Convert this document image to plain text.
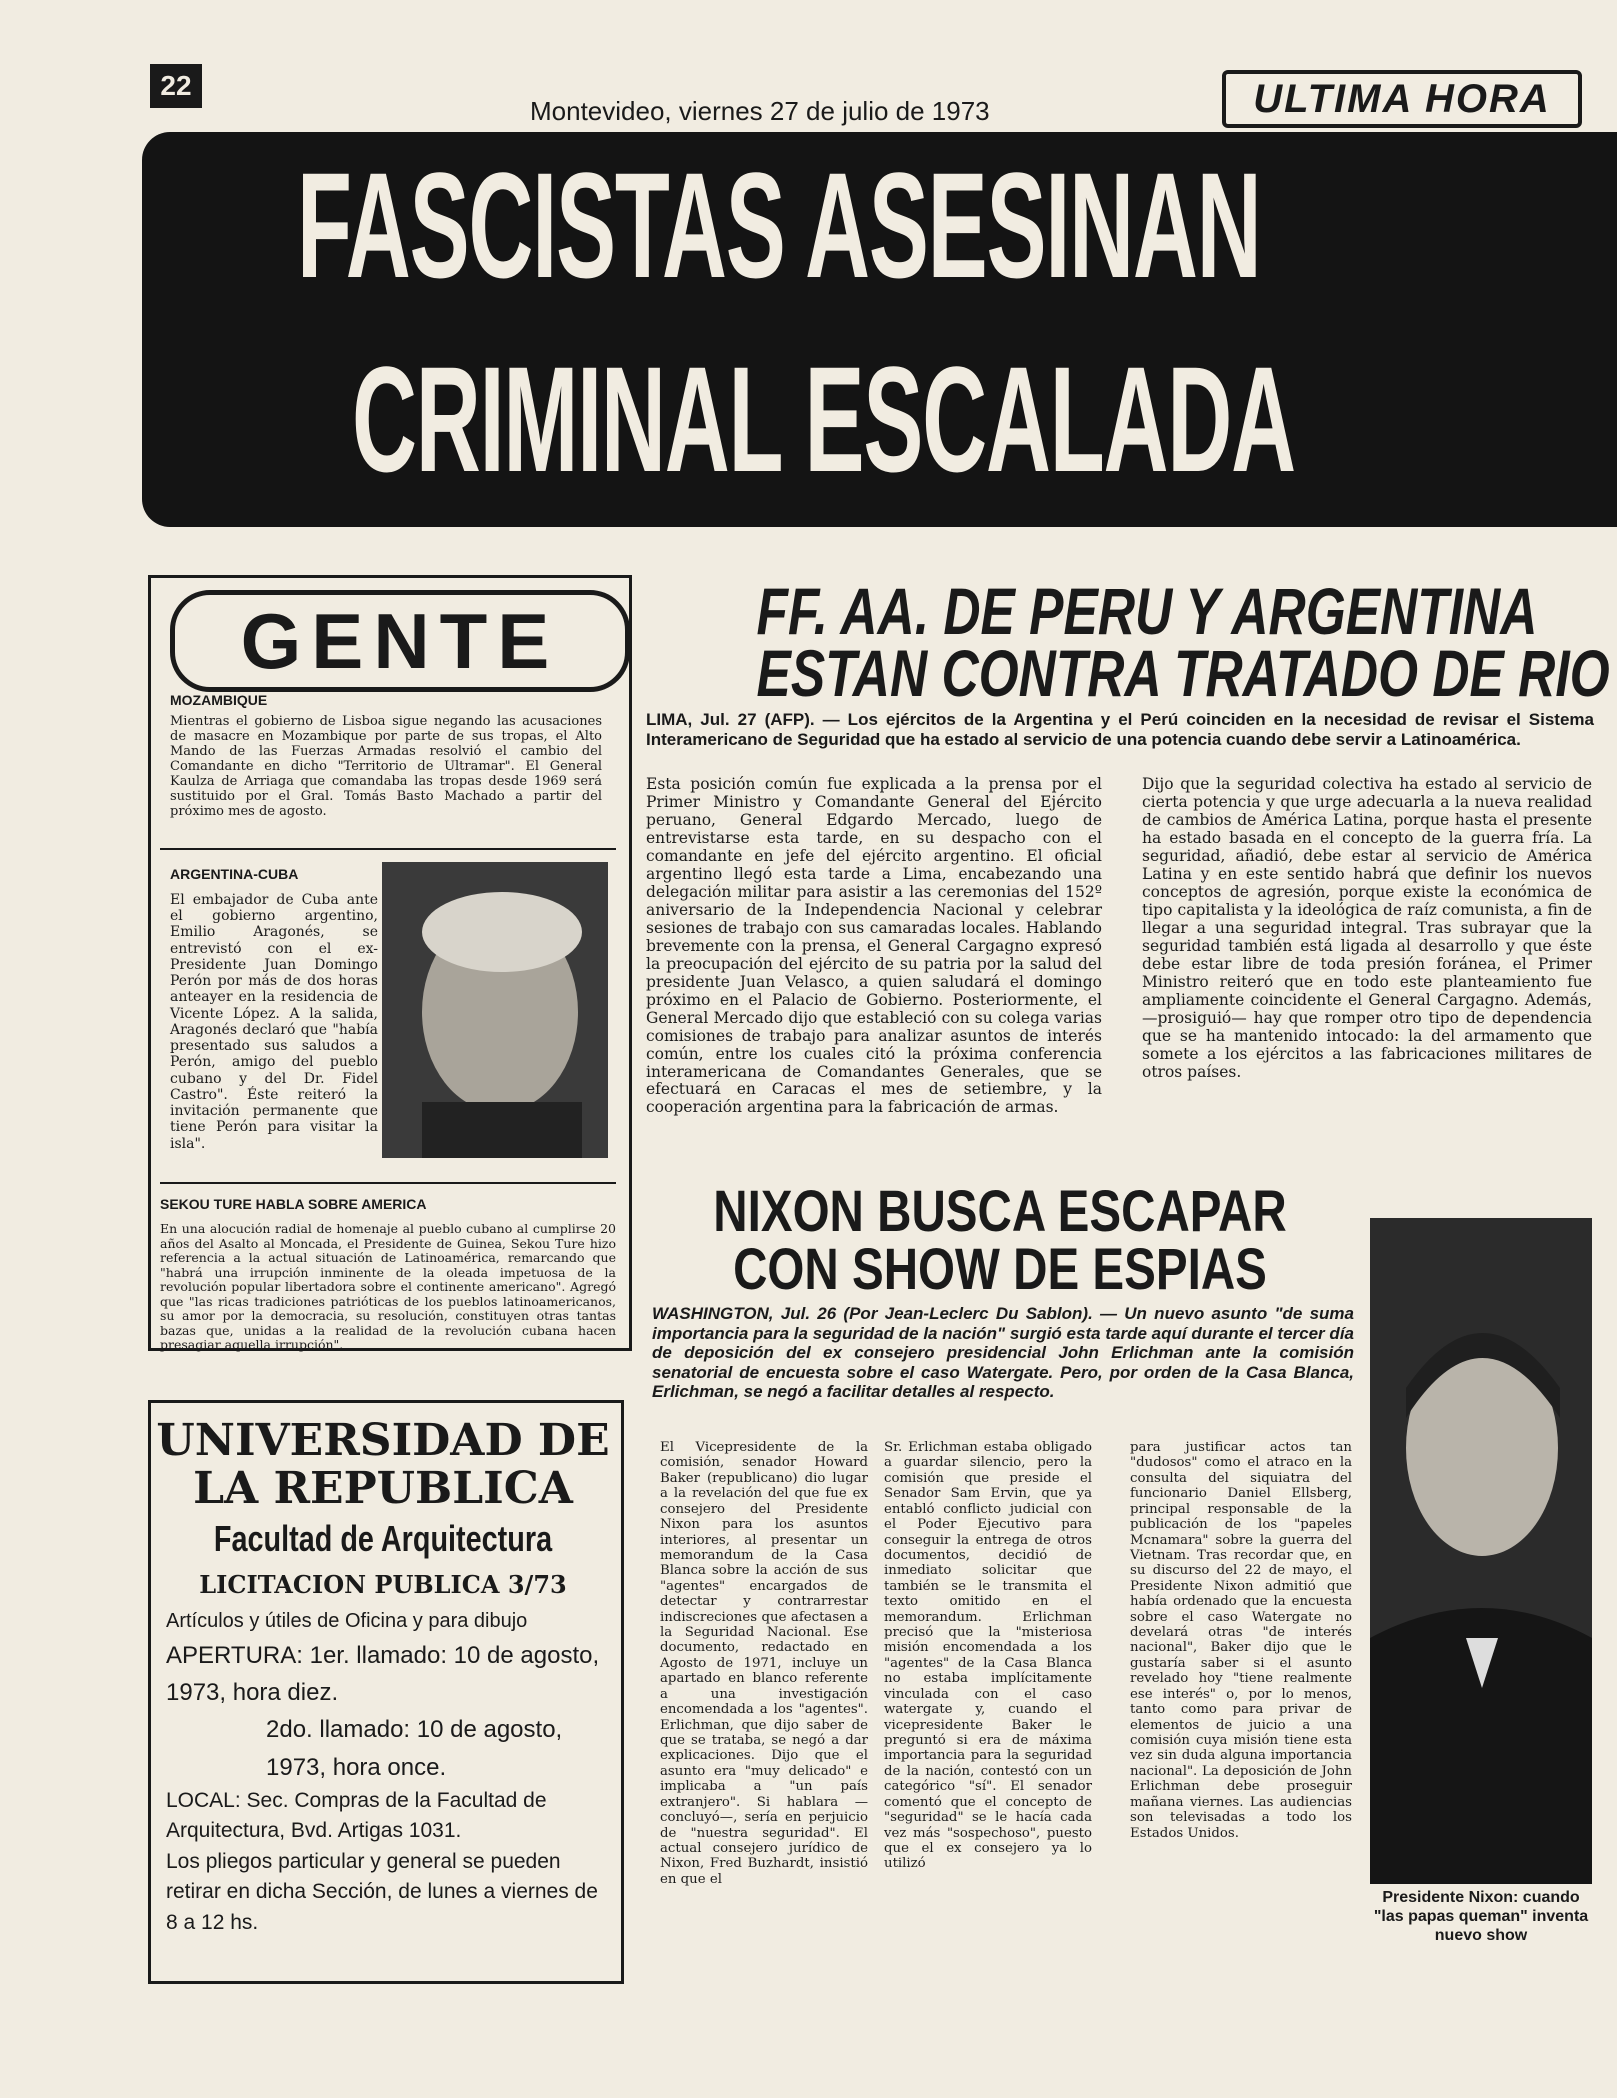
22
Montevideo, viernes 27 de julio de 1973	ULTIMA HORA
FASCISTAS ASESINAN
CRIMINAL ESCALADA
GENTE
MOZAMBIQUE

Mientras el gobierno de Lisboa sigue negando las acusaciones de masacre en Mozambique por parte de sus tropas, el Alto Mando de las Fuerzas Armadas resolvió el cambio del Comandante en dicho "Territorio de Ultramar". El General Kaulza de Arriaga que comandaba las tropas desde 1969 será sustituido por el Gral. Tomás Basto Machado a partir del próximo mes de agosto.

ARGENTINA-CUBA

El embajador de Cuba ante el gobierno argentino, Emilio Aragonés, se entrevistó con el ex-Presidente Juan Domingo Perón por más de dos horas anteayer en la residencia de Vicente López. A la salida, Aragonés declaró que "había presentado sus saludos a Perón, amigo del pueblo cubano y del Dr. Fidel Castro". Éste reiteró la invitación permanente que tiene Perón para visitar la isla".

SEKOU TURE HABLA SOBRE AMERICA

En una alocución radial de homenaje al pueblo cubano al cumplirse 20 años del Asalto al Moncada, el Presidente de Guinea, Sekou Ture hizo referencia a la actual situación de Latinoamérica, remarcando que "habrá una irrupción inminente de la oleada impetuosa de la revolución popular libertadora sobre el continente americano". Agregó que "las ricas tradiciones patrióticas de los pueblos latinoamericanos, su amor por la democracia, su resolución, constituyen otras tantas bazas que, unidas a la realidad de la revolución cubana hacen presagiar aquella irrupción".

UNIVERSIDAD DE
LA REPUBLICA
Facultad de Arquitectura
LICITACION PUBLICA 3/73

Artículos y útiles de Oficina y para dibujo

APERTURA: 1er. llamado: 10 de agosto, 1973, hora diez.

2do. llamado: 10 de agosto, 1973, hora once.

LOCAL: Sec. Compras de la Facultad de Arquitectura, Bvd. Artigas 1031.

Los pliegos particular y general se pueden retirar en dicha Sección, de lunes a viernes de 8 a 12 hs.

FF. AA. DE PERU Y ARGENTINA
ESTAN CONTRA TRATADO DE RIO

LIMA, Jul. 27 (AFP). — Los ejércitos de la Argentina y el Perú coinciden en la necesidad de revisar el Sistema Interamericano de Seguridad que ha estado al servicio de una potencia cuando debe servir a Latinoamérica.

Esta posición común fue explicada a la prensa por el Primer Ministro y Comandante General del Ejército peruano, General Edgardo Mercado, luego de entrevistarse esta tarde, en su despacho con el comandante en jefe del ejército argentino. El oficial argentino llegó esta tarde a Lima, encabezando una delegación militar para asistir a las ceremonias del 152º aniversario de la Independencia Nacional y celebrar sesiones de trabajo con sus camaradas locales. Hablando brevemente con la prensa, el General Cargagno expresó la preocupación del ejército de su patria por la salud del presidente Juan Velasco, a quien saludará el domingo próximo en el Palacio de Gobierno. Posteriormente, el General Mercado dijo que estableció con su colega varias comisiones de trabajo para analizar asuntos de interés común, entre los cuales citó la próxima conferencia interamericana de Comandantes Generales, que se efectuará en Caracas el mes de setiembre, y la cooperación argentina para la fabricación de armas.

Dijo que la seguridad colectiva ha estado al servicio de cierta potencia y que urge adecuarla a la nueva realidad de cambios de América Latina, porque hasta el presente ha estado basada en el concepto de la guerra fría. La seguridad, añadió, debe estar al servicio de América Latina y en este sentido habrá que definir los nuevos conceptos de agresión, porque existe la económica de tipo capitalista y la ideológica de raíz comunista, a fin de llegar a una seguridad integral. Tras subrayar que la seguridad también está ligada al desarrollo y que éste debe estar libre de toda presión foránea, el Primer Ministro reiteró que en todo este planteamiento fue ampliamente coincidente el General Cargagno. Además, —prosiguió— hay que romper otro tipo de dependencia que se ha mantenido intocado: la del armamento que somete a los ejércitos a las fabricaciones militares de otros países.

NIXON BUSCA ESCAPAR
CON SHOW DE ESPIAS

WASHINGTON, Jul. 26 (Por Jean-Leclerc Du Sablon). — Un nuevo asunto "de suma importancia para la seguridad de la nación" surgió esta tarde aquí durante el tercer día de deposición del ex consejero presidencial John Erlichman ante la comisión senatorial de encuesta sobre el caso Watergate. Pero, por orden de la Casa Blanca, Erlichman, se negó a facilitar detalles al respecto.

El Vicepresidente de la comisión, senador Howard Baker (republicano) dio lugar a la revelación del que fue ex consejero del Presidente Nixon para los asuntos interiores, al presentar un memorandum de la Casa Blanca sobre la acción de sus "agentes" encargados de detectar y contrarrestar indiscreciones que afectasen a la Seguridad Nacional. Ese documento, redactado en Agosto de 1971, incluye un apartado en blanco referente a una investigación encomendada a los "agentes". Erlichman, que dijo saber de que se trataba, se negó a dar explicaciones. Dijo que el asunto era "muy delicado" e implicaba a "un país extranjero". Si hablara —concluyó—, sería en perjuicio de "nuestra seguridad". El actual consejero jurídico de Nixon, Fred Buzhardt, insistió en que el

Sr. Erlichman estaba obligado a guardar silencio, pero la comisión que preside el Senador Sam Ervin, que ya entabló conflicto judicial con el Poder Ejecutivo para conseguir la entrega de otros documentos, decidió de inmediato solicitar que también se le transmita el texto omitido en el memorandum. Erlichman precisó que la "misteriosa misión encomendada a los "agentes" de la Casa Blanca no estaba implícitamente vinculada con el caso watergate y, cuando el vicepresidente Baker le preguntó si era de máxima importancia para la seguridad de la nación, contestó con un categórico "sí". El senador comentó que el concepto de "seguridad" se le hacía cada vez más "sospechoso", puesto que el ex consejero ya lo utilizó

para justificar actos tan "dudosos" como el atraco en la consulta del siquiatra del funcionario Daniel Ellsberg, principal responsable de la publicación de los "papeles Mcnamara" sobre la guerra del Vietnam. Tras recordar que, en su discurso del 22 de mayo, el Presidente Nixon admitió que había ordenado que la encuesta sobre el caso Watergate no develará otras "de interés nacional", Baker dijo que le gustaría saber si el asunto revelado hoy "tiene realmente ese interés" o, por lo menos, tanto como para privar de elementos de juicio a una comisión cuya misión tiene esta vez sin duda alguna importancia nacional". La deposición de John Erlichman debe proseguir mañana viernes. Las audiencias son televisadas a todo los Estados Unidos.

Presidente Nixon: cuando "las papas queman" inventa nuevo show
